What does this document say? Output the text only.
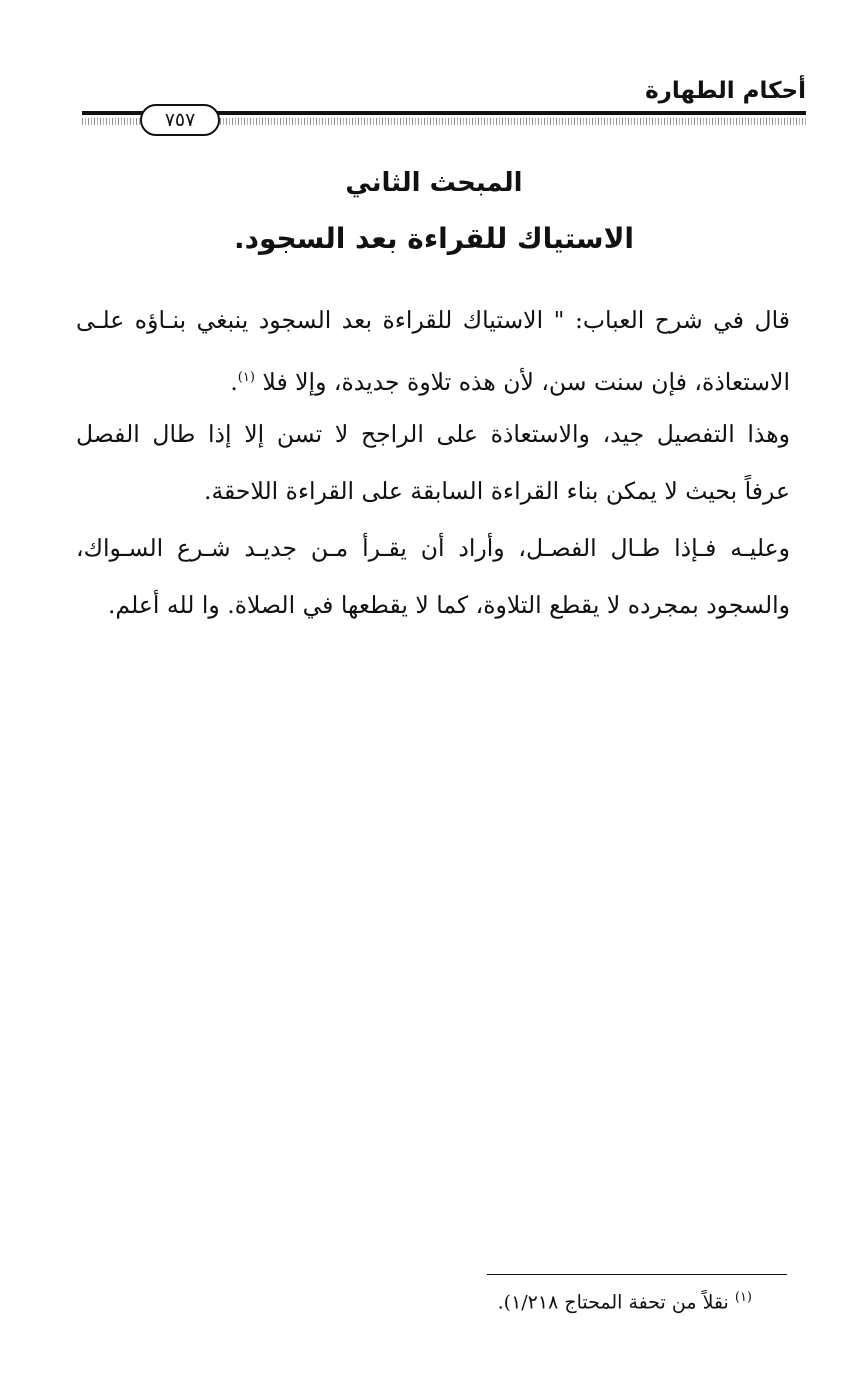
أحكام الطهارة
٧٥٧
المبحث الثاني
الاستياك للقراءة بعد السجود.
قال في شرح العباب: " الاستياك للقراءة بعد السجود ينبغي بنـاؤه علـى
الاستعاذة، فإن سنت سن، لأن هذه تلاوة جديدة، وإلا فلا $^{(١)}$.
وهذا التفصيل جيد، والاستعاذة على الراجح لا تسن إلا إذا طال الفصل
عرفاً بحيث لا يمكن بناء القراءة السابقة على القراءة اللاحقة.
وعليـه فـإذا طـال الفصـل، وأراد أن يقـرأ مـن جديـد شـرع السـواك،
والسجود بمجرده لا يقطع التلاوة، كما لا يقطعها في الصلاة. وا لله أعلم.
$^{(١)}$ نقلاً من تحفة المحتاج ١/٢١٨).
